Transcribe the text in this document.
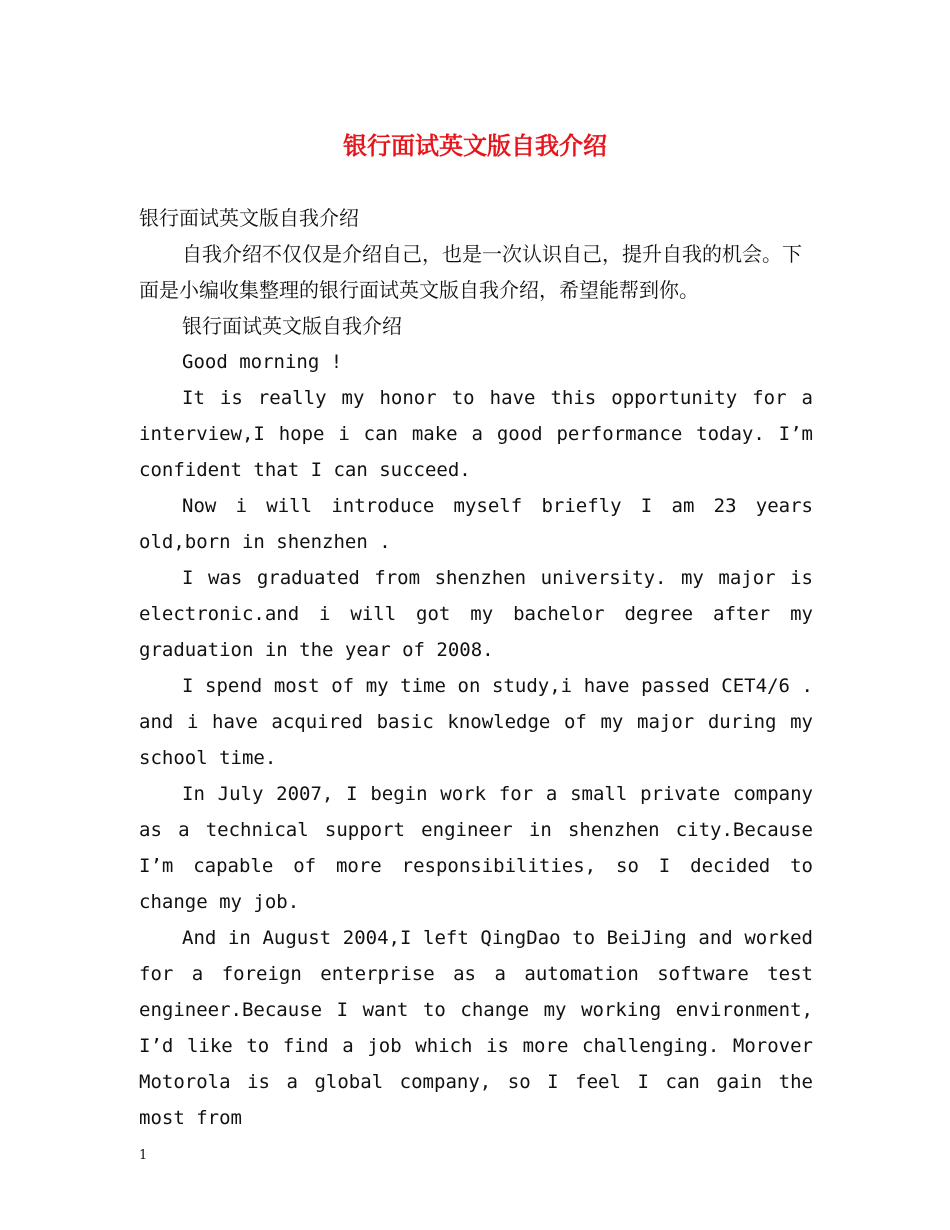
银行面试英文版自我介绍

银行面试英文版自我介绍

自我介绍不仅仅是介绍自己，也是一次认识自己，提升自我的机会。下面是小编收集整理的银行面试英文版自我介绍，希望能帮到你。

银行面试英文版自我介绍

Good morning !

It is really my honor to have this opportunity for a interview,I hope i can make a good performance today. I’m confident that I can succeed.

Now i will introduce myself briefly I am 23 years old,born in shenzhen .

I was graduated from shenzhen university. my major is electronic.and i will got my bachelor degree after my graduation in the year of 2008.

I spend most of my time on study,i have passed CET4/6 . and i have acquired basic knowledge of my major during my school time.

In July 2007, I begin work for a small private company as a technical support engineer in shenzhen city.Because I’m capable of more responsibilities, so I decided to change my job.

And in August 2004,I left QingDao to BeiJing and worked for a foreign enterprise as a automation software test engineer.Because I want to change my working environment, I’d like to find a job which is more challenging. Morover Motorola is a global company, so I feel I can gain the most from

1
